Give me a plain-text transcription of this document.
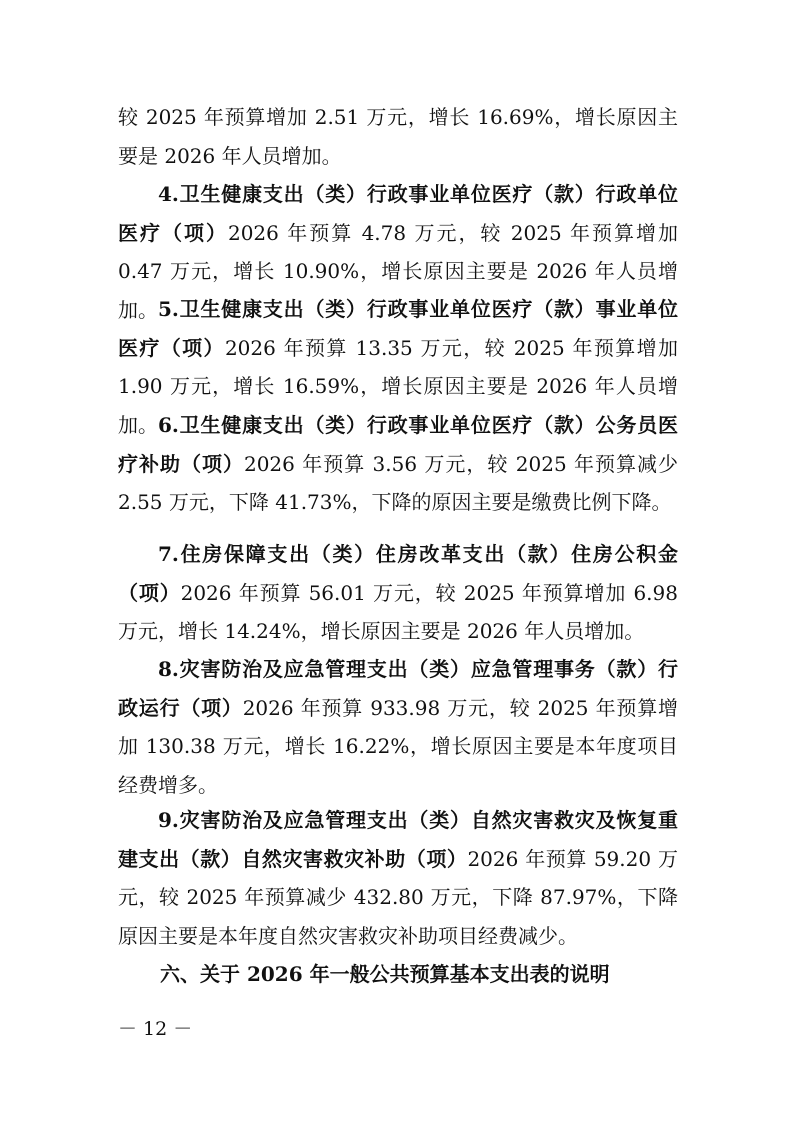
较 2025 年预算增加 2.51 万元，增长 16.69%，增长原因主要是 2026 年人员增加。
4.卫生健康支出（类）行政事业单位医疗（款）行政单位医疗（项）2026 年预算 4.78 万元，较 2025 年预算增加 0.47 万元，增长 10.90%，增长原因主要是 2026 年人员增加。 5.卫生健康支出（类）行政事业单位医疗（款）事业单位医疗（项）2026 年预算 13.35 万元，较 2025 年预算增加 1.90 万元，增长 16.59%，增长原因主要是 2026 年人员增加。 6.卫生健康支出（类）行政事业单位医疗（款）公务员医疗补助（项）2026 年预算 3.56 万元，较 2025 年预算减少 2.55 万元，下降 41.73%，下降的原因主要是缴费比例下降。
7.住房保障支出（类）住房改革支出（款）住房公积金（项）2026 年预算 56.01 万元，较 2025 年预算增加 6.98 万元，增长 14.24%，增长原因主要是 2026 年人员增加。
8.灾害防治及应急管理支出（类）应急管理事务（款）行政运行（项）2026 年预算 933.98 万元，较 2025 年预算增加 130.38 万元，增长 16.22%，增长原因主要是本年度项目经费增多。
9.灾害防治及应急管理支出（类）自然灾害救灾及恢复重建支出（款）自然灾害救灾补助（项）2026 年预算 59.20 万元，较 2025 年预算减少 432.80 万元，下降 87.97%，下降原因主要是本年度自然灾害救灾补助项目经费减少。
六、关于 2026 年一般公共预算基本支出表的说明
－ 12 －
